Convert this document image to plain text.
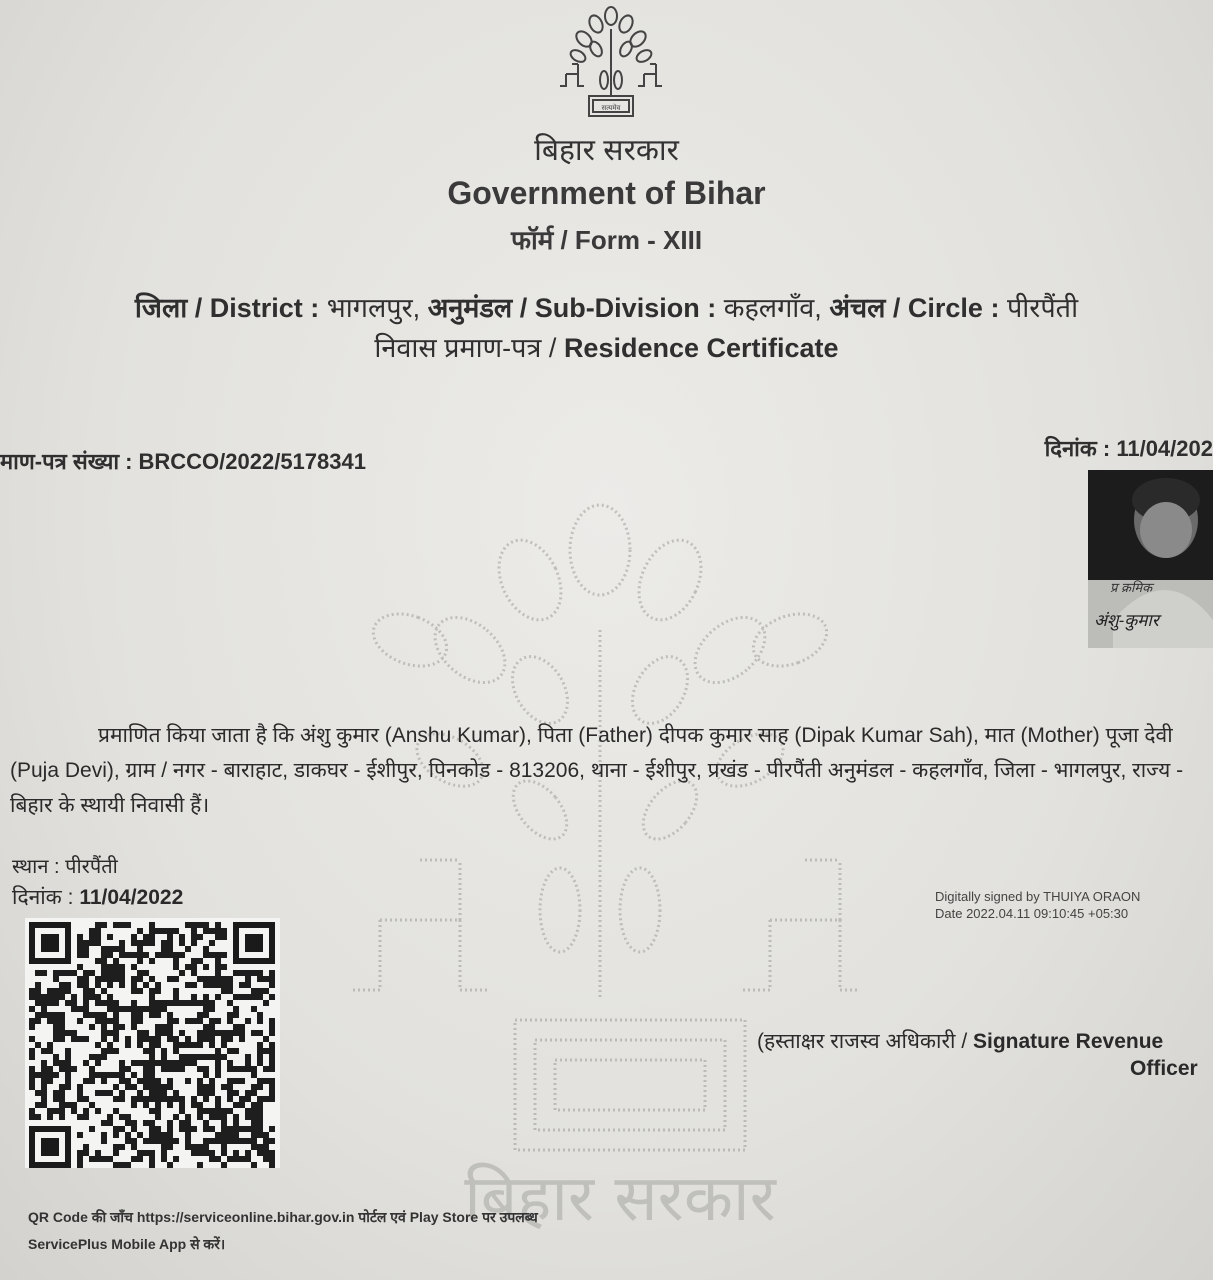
सत्यमेव
बिहार सरकार
Government of Bihar
फॉर्म / Form - XIII
जिला / District : भागलपुर, अनुमंडल / Sub-Division : कहलगाँव, अंचल / Circle : पीरपैंती
निवास प्रमाण-पत्र / Residence Certificate
माण-पत्र संख्या : BRCCO/2022/5178341
दिनांक : 11/04/202
प्र क्रमिक
अंशु-कुमार
बिहार सरकार
प्रमाणित किया जाता है कि अंशु कुमार (Anshu Kumar), पिता (Father) दीपक कुमार साह (Dipak Kumar Sah), मात (Mother) पूजा देवी (Puja Devi), ग्राम / नगर - बाराहाट, डाकघर - ईशीपुर, पिनकोड - 813206, थाना - ईशीपुर, प्रखंड - पीरपैंती अनुमंडल - कहलगाँव, जिला - भागलपुर, राज्य - बिहार के स्थायी निवासी हैं।
स्थान : पीरपैंती
दिनांक : 11/04/2022	Digitally signed by THUIYA ORAON
Date 2022.04.11 09:10:45 +05:30
(हस्ताक्षर राजस्व अधिकारी / Signature Revenue
Officer
QR Code की जाँच https://serviceonline.bihar.gov.in पोर्टल एवं Play Store पर उपलब्ध
ServicePlus Mobile App से करें।
